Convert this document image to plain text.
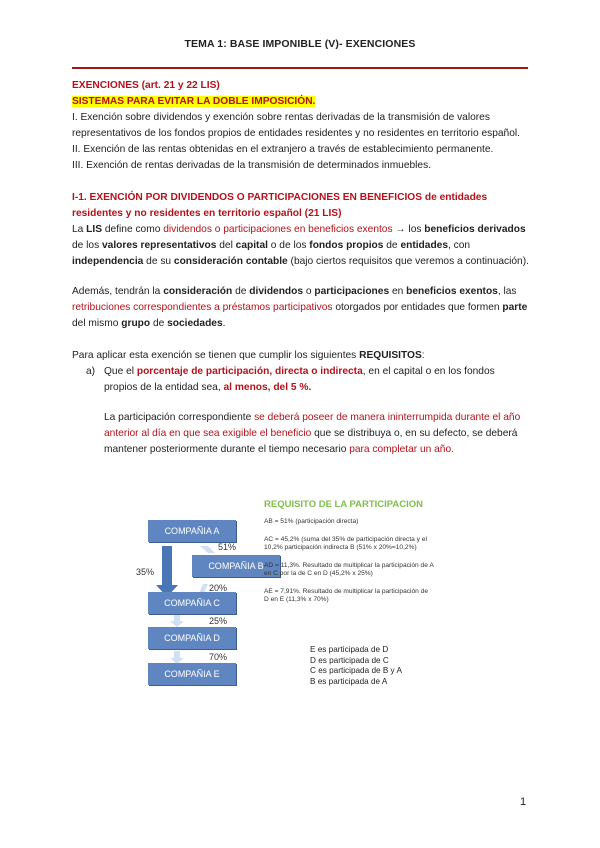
TEMA 1: BASE IMPONIBLE (V)- EXENCIONES

EXENCIONES (art. 21 y 22 LIS)

SISTEMAS PARA EVITAR LA DOBLE IMPOSICIÓN.

I. Exención sobre dividendos y exención sobre rentas derivadas de la transmisión de valores representativos de los fondos propios de entidades residentes y no residentes en territorio español.

II. Exención de las rentas obtenidas en el extranjero a través de establecimiento permanente.

III. Exención de rentas derivadas de la transmisión de determinados inmuebles.

I-1. EXENCIÓN POR DIVIDENDOS O PARTICIPACIONES EN BENEFICIOS de entidades residentes y no residentes en territorio español (21 LIS)

La LIS define como dividendos o participaciones en beneficios exentos → los beneficios derivados de los valores representativos del capital o de los fondos propios de entidades, con independencia de su consideración contable (bajo ciertos requisitos que veremos a continuación).

Además, tendrán la consideración de dividendos o participaciones en beneficios exentos, las retribuciones correspondientes a préstamos participativos otorgados por entidades que formen parte del mismo grupo de sociedades.

Para aplicar esta exención se tienen que cumplir los siguientes REQUISITOS:

a) Que el porcentaje de participación, directa o indirecta, en el capital o en los fondos propios de la entidad sea, al menos, del 5 %.

La participación correspondiente se deberá poseer de manera ininterrumpida durante el año anterior al día en que sea exigible el beneficio que se distribuya o, en su defecto, se deberá mantener posteriormente durante el tiempo necesario para completar un año.

COMPAÑIA A
COMPAÑIA B
COMPAÑIA C
COMPAÑIA D
COMPAÑIA E
51%
35%
20%
25%
70%
REQUISITO DE LA PARTICIPACION

AB = 51% (participación directa)

AC = 45,2% (suma del 35% de participación directa y el 10,2% participación indirecta B (51% x 20%=10,2%)

AD = 11,3%. Resultado de multiplicar la participación de A en C por la de C en D (45,2% x 25%)

AE = 7,91%. Resultado de multiplicar la participación de D en E (11,3% x 70%)

E es participada de D

D es participada de C

C es participada de B y A

B es participada de A

1
